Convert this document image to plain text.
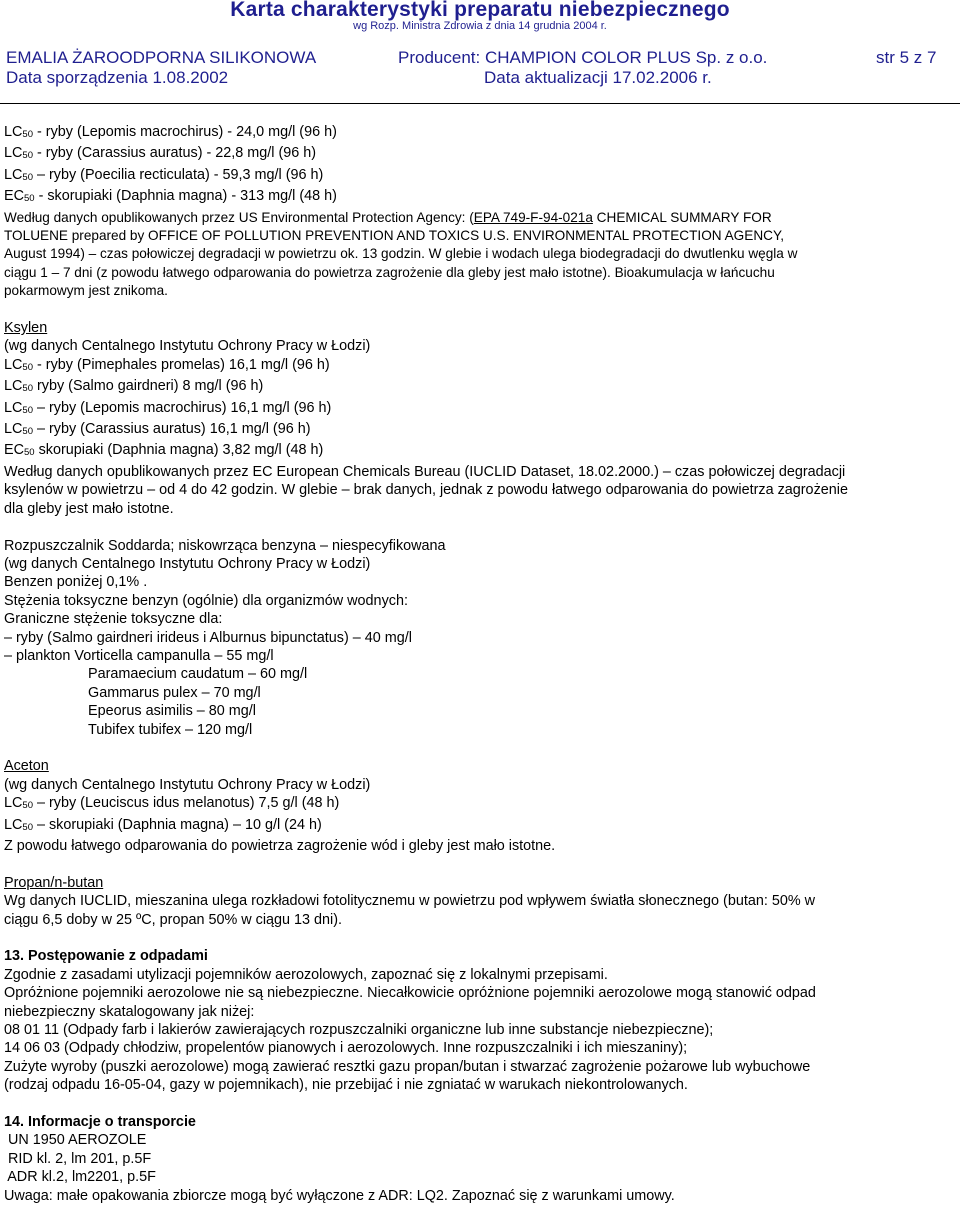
Karta charakterystyki preparatu niebezpiecznego
wg Rozp. Ministra Zdrowia z dnia 14 grudnia 2004 r.
EMALIA ŻAROODPORNA SILIKONOWA	Producent: CHAMPION COLOR PLUS Sp. z o.o.	str 5 z 7
Data sporządzenia 1.08.2002	Data aktualizacji 17.02.2006 r.

$LC_{50}$ - ryby (Lepomis macrochirus) - 24,0 mg/l (96 h)

$LC_{50}$ - ryby (Carassius auratus) - 22,8 mg/l (96 h)

$LC_{50}$ – ryby (Poecilia recticulata) - 59,3 mg/l (96 h)

$EC_{50}$ - skorupiaki (Daphnia magna) - 313 mg/l (48 h)

Według danych opublikowanych przez US Environmental Protection Agency: (EPA 749-F-94-021a CHEMICAL SUMMARY FOR

TOLUENE prepared by OFFICE OF POLLUTION PREVENTION AND TOXICS U.S. ENVIRONMENTAL PROTECTION AGENCY,

August 1994) – czas połowiczej degradacji w powietrzu ok. 13 godzin. W glebie i wodach ulega biodegradacji do dwutlenku węgla w

ciągu 1 – 7 dni (z powodu łatwego odparowania do powietrza zagrożenie dla gleby jest mało istotne). Bioakumulacja w łańcuchu

pokarmowym jest znikoma.

Ksylen

(wg danych Centalnego Instytutu Ochrony Pracy w Łodzi)

$LC_{50}$ - ryby (Pimephales promelas) 16,1 mg/l (96 h)

$LC_{50}$ ryby (Salmo gairdneri) 8 mg/l (96 h)

$LC_{50}$ – ryby (Lepomis macrochirus) 16,1 mg/l (96 h)

$LC_{50}$ – ryby (Carassius auratus) 16,1 mg/l (96 h)

$EC_{50}$ skorupiaki (Daphnia magna) 3,82 mg/l (48 h)

Według danych opublikowanych przez EC European Chemicals Bureau (IUCLID Dataset, 18.02.2000.) – czas połowiczej degradacji

ksylenów w powietrzu – od 4 do 42 godzin. W glebie – brak danych, jednak z powodu łatwego odparowania do powietrza zagrożenie

dla gleby jest mało istotne.

Rozpuszczalnik Soddarda; niskowrząca benzyna – niespecyfikowana

(wg danych Centalnego Instytutu Ochrony Pracy w Łodzi)

Benzen poniżej 0,1% .

Stężenia toksyczne benzyn (ogólnie) dla organizmów wodnych:

Graniczne stężenie toksyczne dla:

– ryby (Salmo gairdneri irideus i Alburnus bipunctatus) – 40 mg/l

– plankton Vorticella campanulla – 55 mg/l

Paramaecium caudatum – 60 mg/l

Gammarus pulex – 70 mg/l

Epeorus asimilis – 80 mg/l

Tubifex tubifex – 120 mg/l

Aceton

(wg danych Centalnego Instytutu Ochrony Pracy w Łodzi)

$LC_{50}$ – ryby (Leuciscus idus melanotus) 7,5 g/l (48 h)

$LC_{50}$ – skorupiaki (Daphnia magna) – 10 g/l (24 h)

Z powodu łatwego odparowania do powietrza zagrożenie wód i gleby jest mało istotne.

Propan/n-butan

Wg danych IUCLID, mieszanina ulega rozkładowi fotolitycznemu w powietrzu pod wpływem światła słonecznego (butan: 50% w

ciągu 6,5 doby w 25 ºC, propan 50% w ciągu 13 dni).

13. Postępowanie z odpadami

Zgodnie z zasadami utylizacji pojemników aerozolowych, zapoznać się z lokalnymi przepisami.

Opróżnione pojemniki aerozolowe nie są niebezpieczne. Niecałkowicie opróżnione pojemniki aerozolowe mogą stanowić odpad

niebezpieczny skatalogowany jak niżej:

08 01 11 (Odpady farb i lakierów zawierających rozpuszczalniki organiczne lub inne substancje niebezpieczne);

14 06 03 (Odpady chłodziw, propelentów pianowych i aerozolowych. Inne rozpuszczalniki i ich mieszaniny);

Zużyte wyroby (puszki aerozolowe) mogą zawierać resztki gazu propan/butan i stwarzać zagrożenie pożarowe lub wybuchowe

(rodzaj odpadu 16-05-04, gazy w pojemnikach), nie przebijać i nie zgniatać w warukach niekontrolowanych.

14. Informacje o transporcie

UN 1950 AEROZOLE

RID kl. 2, lm 201, p.5F

ADR kl.2, lm2201, p.5F

Uwaga: małe opakowania zbiorcze mogą być wyłączone z ADR: LQ2. Zapoznać się z warunkami umowy.
